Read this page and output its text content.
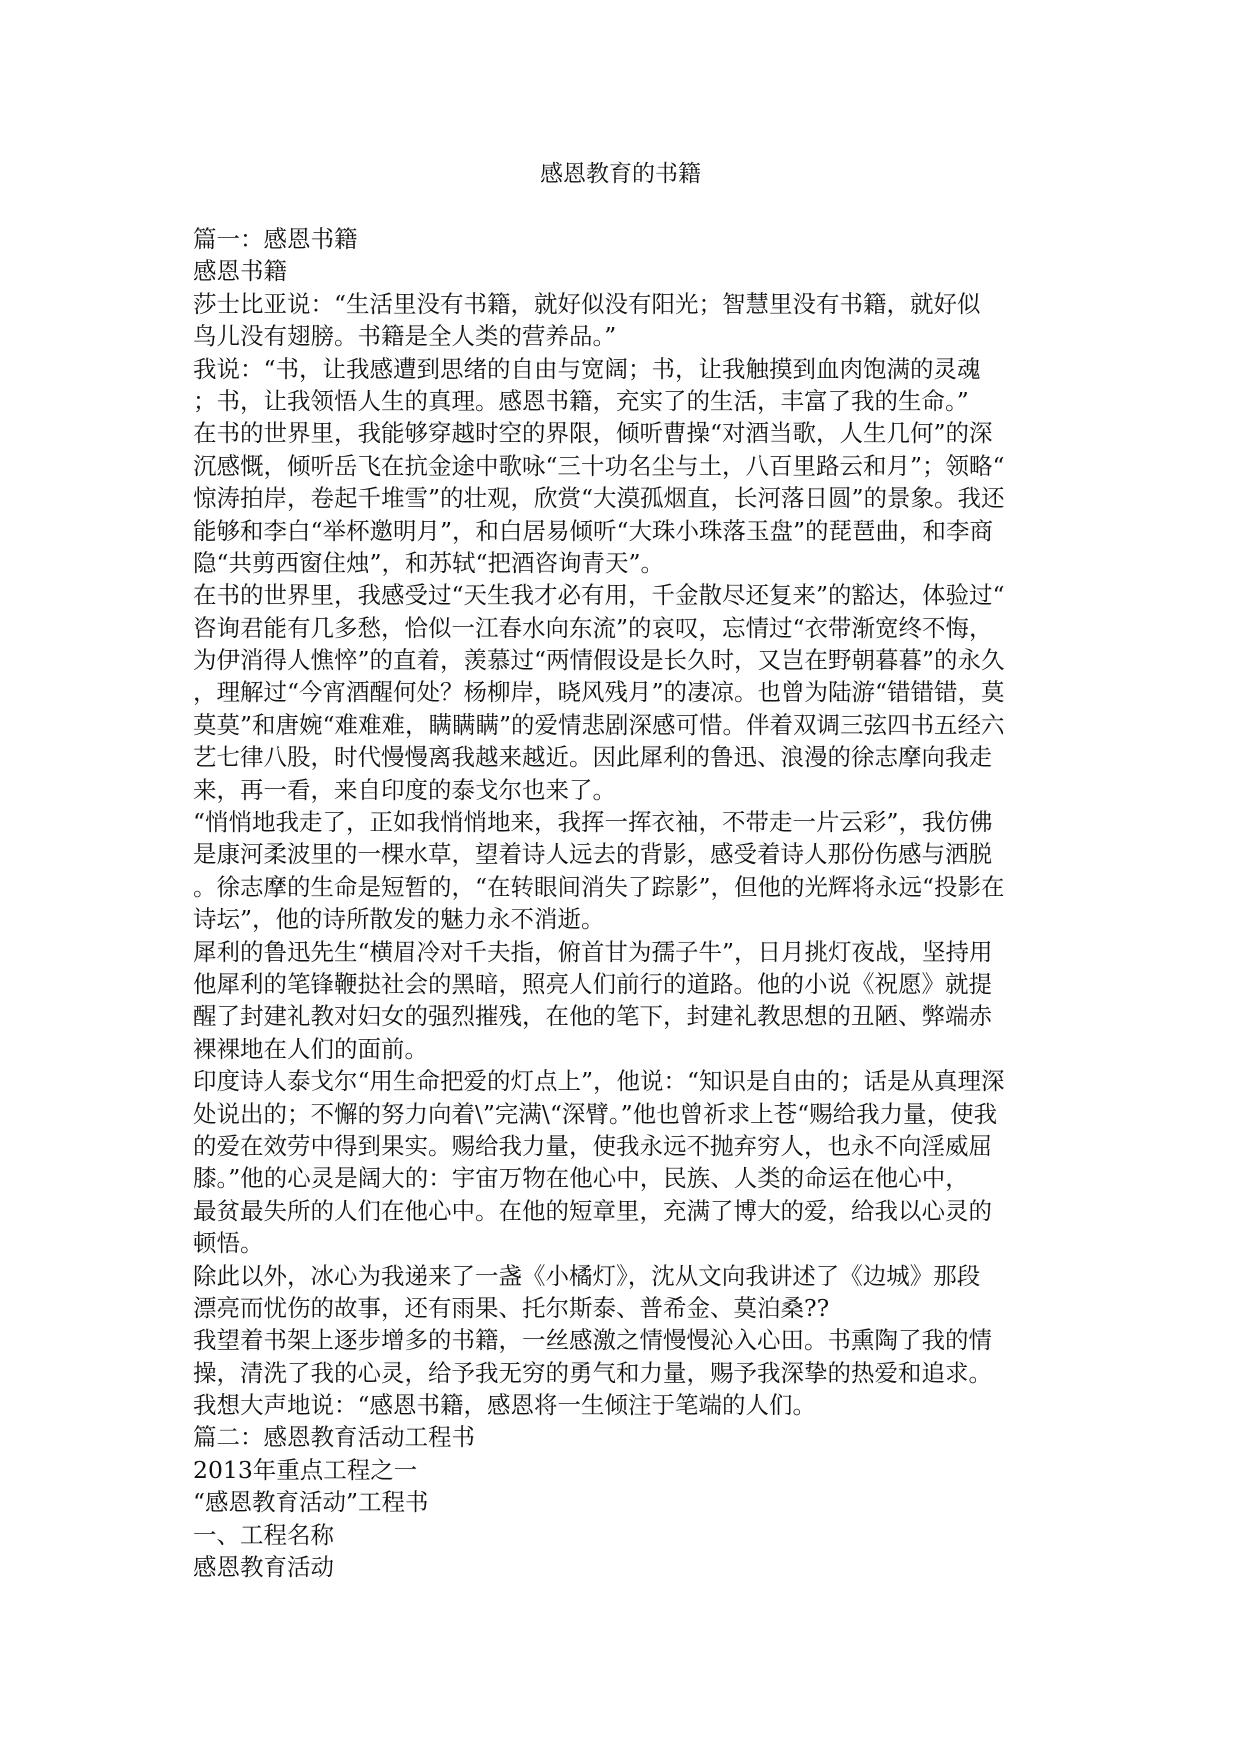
感恩教育的书籍

篇一：感恩书籍

感恩书籍

莎士比亚说：“生活里没有书籍，就好似没有阳光；智慧里没有书籍，就好似

鸟儿没有翅膀。书籍是全人类的营养品。”

我说：“书，让我感遭到思绪的自由与宽阔；书，让我触摸到血肉饱满的灵魂

；书，让我领悟人生的真理。感恩书籍，充实了的生活，丰富了我的生命。”

在书的世界里，我能够穿越时空的界限，倾听曹操“对酒当歌，人生几何”的深

沉感慨，倾听岳飞在抗金途中歌咏“三十功名尘与土，八百里路云和月”；领略“

惊涛拍岸，卷起千堆雪”的壮观，欣赏“大漠孤烟直，长河落日圆”的景象。我还

能够和李白“举杯邀明月”，和白居易倾听“大珠小珠落玉盘”的琵琶曲，和李商

隐“共剪西窗住烛”，和苏轼“把酒咨询青天”。

在书的世界里，我感受过“天生我才必有用，千金散尽还复来”的豁达，体验过“

咨询君能有几多愁，恰似一江春水向东流”的哀叹，忘情过“衣带渐宽终不悔，

为伊消得人憔悴”的直着，羡慕过“两情假设是长久时，又岂在野朝暮暮”的永久

，理解过“今宵酒醒何处？杨柳岸，晓风残月”的凄凉。也曾为陆游“错错错，莫

莫莫”和唐婉“难难难，瞒瞒瞒”的爱情悲剧深感可惜。伴着双调三弦四书五经六

艺七律八股，时代慢慢离我越来越近。因此犀利的鲁迅、浪漫的徐志摩向我走

来，再一看，来自印度的泰戈尔也来了。

“悄悄地我走了，正如我悄悄地来，我挥一挥衣袖，不带走一片云彩”，我仿佛

是康河柔波里的一棵水草，望着诗人远去的背影，感受着诗人那份伤感与洒脱

。徐志摩的生命是短暂的，“在转眼间消失了踪影”，但他的光辉将永远“投影在

诗坛”，他的诗所散发的魅力永不消逝。

犀利的鲁迅先生“横眉冷对千夫指，俯首甘为孺子牛”，日月挑灯夜战，坚持用

他犀利的笔锋鞭挞社会的黑暗，照亮人们前行的道路。他的小说《祝愿》就提

醒了封建礼教对妇女的强烈摧残，在他的笔下，封建礼教思想的丑陋、弊端赤

裸裸地在人们的面前。

印度诗人泰戈尔“用生命把爱的灯点上”，他说：“知识是自由的；话是从真理深

处说出的；不懈的努力向着\”完满\“深臂。”他也曾祈求上苍“赐给我力量，使我

的爱在效劳中得到果实。赐给我力量，使我永远不抛弃穷人，也永不向淫威屈

膝。”他的心灵是阔大的：宇宙万物在他心中，民族、人类的命运在他心中，

最贫最失所的人们在他心中。在他的短章里，充满了博大的爱，给我以心灵的

顿悟。

除此以外，冰心为我递来了一盏《小橘灯》，沈从文向我讲述了《边城》那段

漂亮而忧伤的故事，还有雨果、托尔斯泰、普希金、莫泊桑??

我望着书架上逐步增多的书籍，一丝感激之情慢慢沁入心田。书熏陶了我的情

操，清洗了我的心灵，给予我无穷的勇气和力量，赐予我深挚的热爱和追求。

我想大声地说：“感恩书籍，感恩将一生倾注于笔端的人们。

篇二：感恩教育活动工程书

2013年重点工程之一

“感恩教育活动”工程书

一、工程名称

感恩教育活动
